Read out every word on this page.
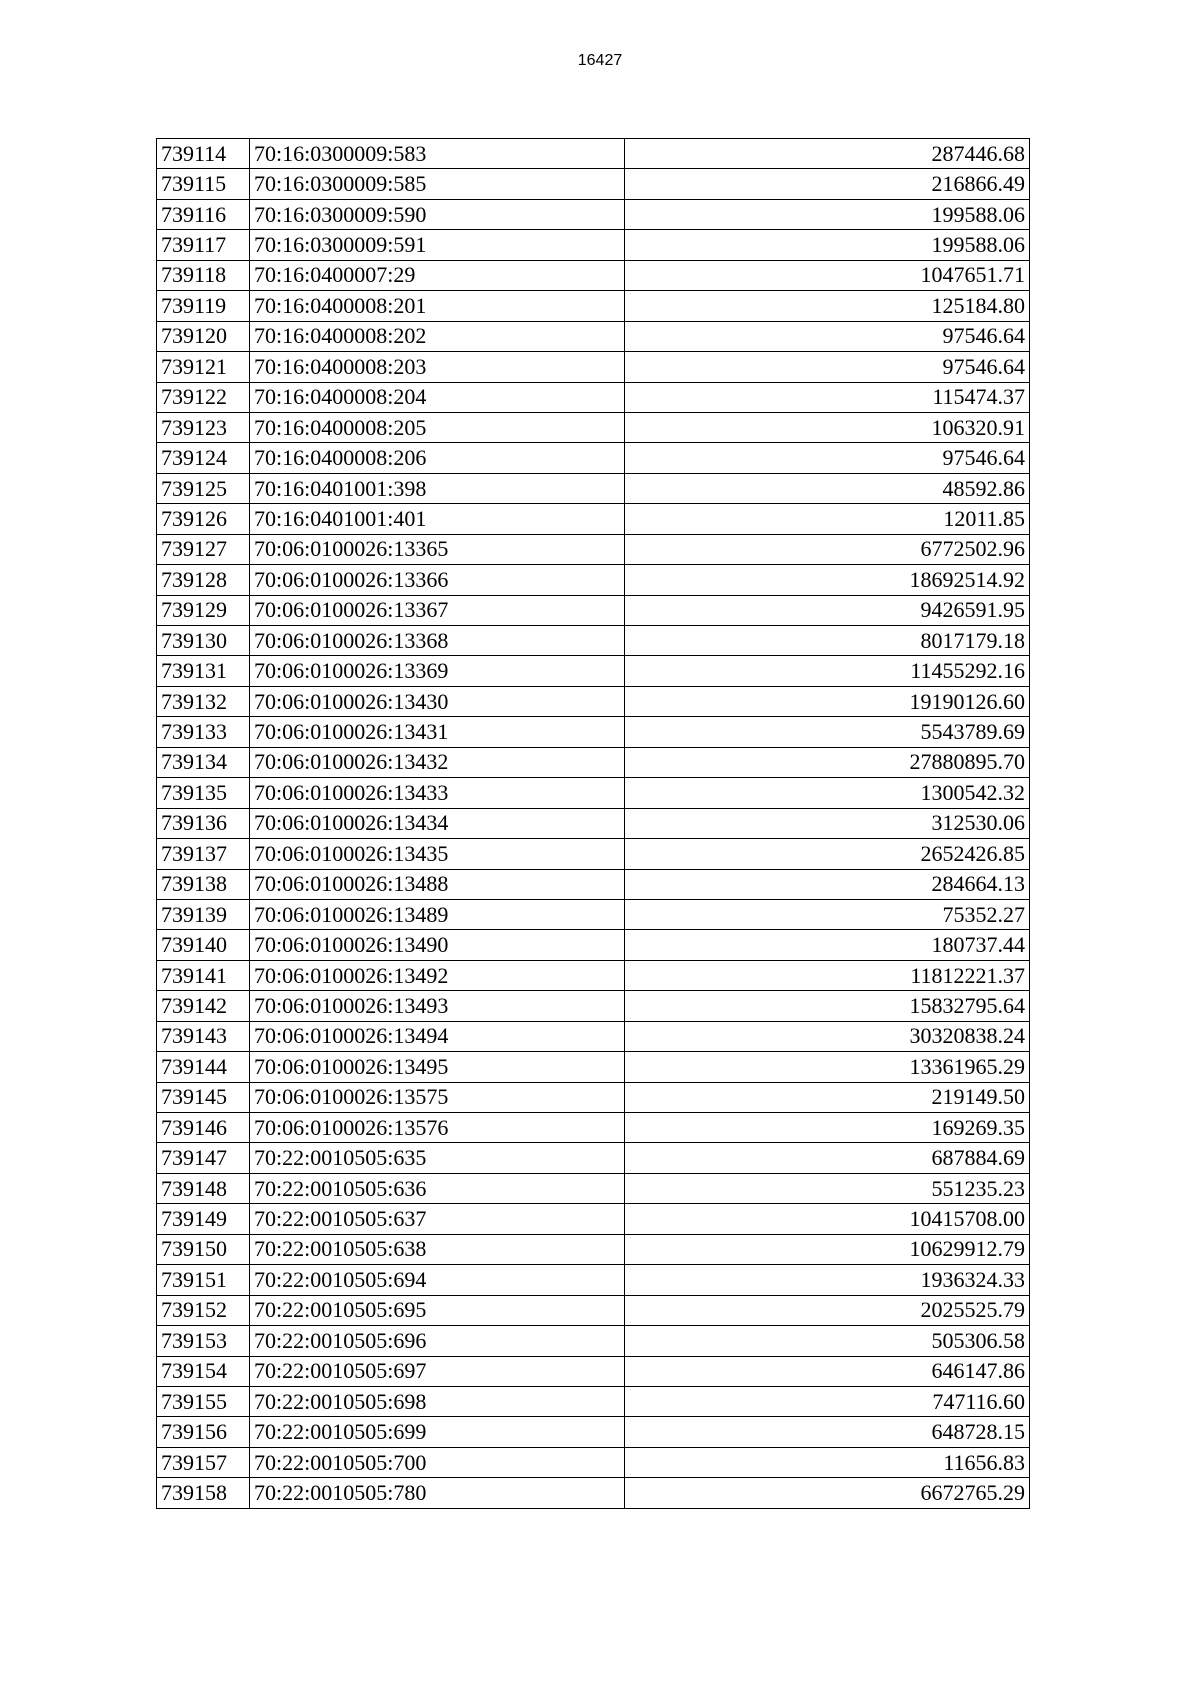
16427
739114	70:16:0300009:583	287446.68
739115	70:16:0300009:585	216866.49
739116	70:16:0300009:590	199588.06
739117	70:16:0300009:591	199588.06
739118	70:16:0400007:29	1047651.71
739119	70:16:0400008:201	125184.80
739120	70:16:0400008:202	97546.64
739121	70:16:0400008:203	97546.64
739122	70:16:0400008:204	115474.37
739123	70:16:0400008:205	106320.91
739124	70:16:0400008:206	97546.64
739125	70:16:0401001:398	48592.86
739126	70:16:0401001:401	12011.85
739127	70:06:0100026:13365	6772502.96
739128	70:06:0100026:13366	18692514.92
739129	70:06:0100026:13367	9426591.95
739130	70:06:0100026:13368	8017179.18
739131	70:06:0100026:13369	11455292.16
739132	70:06:0100026:13430	19190126.60
739133	70:06:0100026:13431	5543789.69
739134	70:06:0100026:13432	27880895.70
739135	70:06:0100026:13433	1300542.32
739136	70:06:0100026:13434	312530.06
739137	70:06:0100026:13435	2652426.85
739138	70:06:0100026:13488	284664.13
739139	70:06:0100026:13489	75352.27
739140	70:06:0100026:13490	180737.44
739141	70:06:0100026:13492	11812221.37
739142	70:06:0100026:13493	15832795.64
739143	70:06:0100026:13494	30320838.24
739144	70:06:0100026:13495	13361965.29
739145	70:06:0100026:13575	219149.50
739146	70:06:0100026:13576	169269.35
739147	70:22:0010505:635	687884.69
739148	70:22:0010505:636	551235.23
739149	70:22:0010505:637	10415708.00
739150	70:22:0010505:638	10629912.79
739151	70:22:0010505:694	1936324.33
739152	70:22:0010505:695	2025525.79
739153	70:22:0010505:696	505306.58
739154	70:22:0010505:697	646147.86
739155	70:22:0010505:698	747116.60
739156	70:22:0010505:699	648728.15
739157	70:22:0010505:700	11656.83
739158	70:22:0010505:780	6672765.29
